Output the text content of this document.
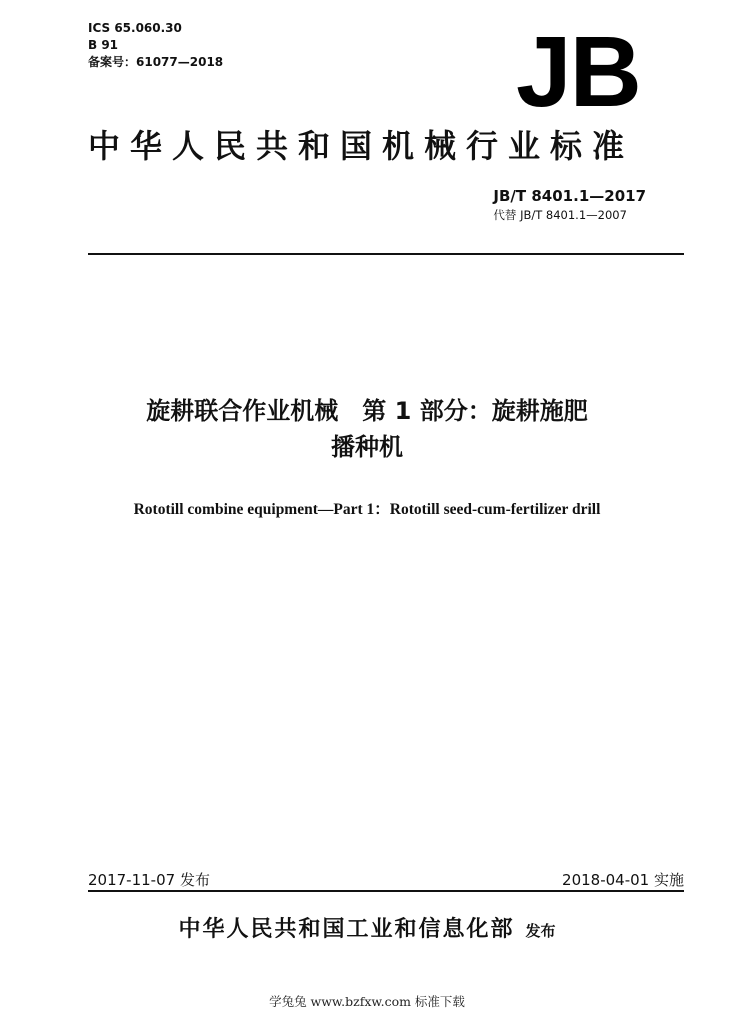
ICS 65.060.30
B 91
备案号：61077—2018	JB
中华人民共和国机械行业标准
JB/T 8401.1—2017
代替 JB/T 8401.1—2007
旋耕联合作业机械　第 1 部分：旋耕施肥
播种机
Rototill combine equipment—Part 1：Rototill seed-cum-fertilizer drill
2017-11-07 发布	2018-04-01 实施
中华人民共和国工业和信息化部 发布
学兔兔 www.bzfxw.com 标准下载
